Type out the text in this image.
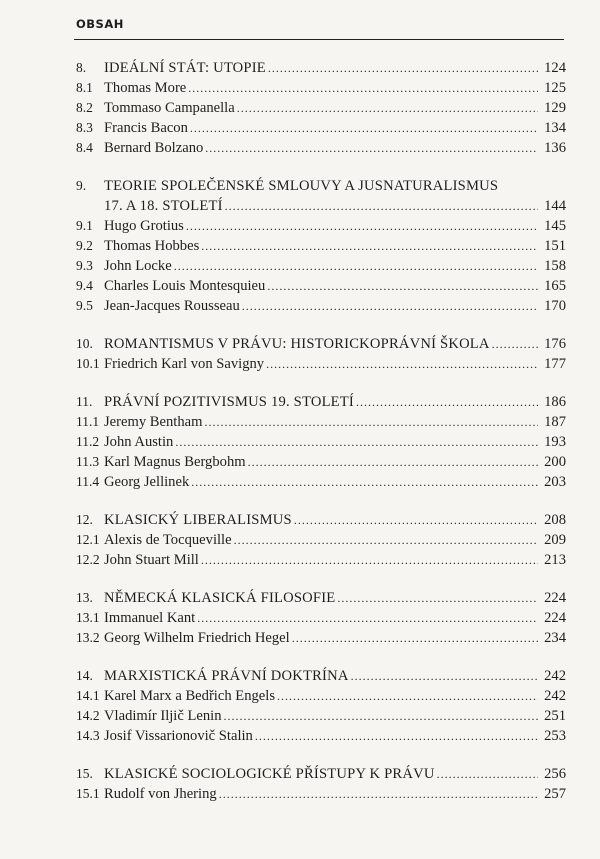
OBSAH
8.	IDEÁLNÍ STÁT: UTOPIE . . .	124
8.1 Thomas More . . .	125
8.2 Tommaso Campanella . . .	129
8.3 Francis Bacon . . .	134
8.4 Bernard Bolzano . . .	136
9.	TEORIE SPOLEČENSKÉ SMLOUVY A JUSNATURALISMUS
17. A 18. STOLETÍ . . .	144
9.1 Hugo Grotius . . .	145
9.2 Thomas Hobbes . . .	151
9.3 John Locke . . .	158
9.4 Charles Louis Montesquieu . . .	165
9.5 Jean-Jacques Rousseau . . .	170
10. ROMANTISMUS V PRÁVU: HISTORICKOPRÁVNÍ ŠKOLA . . .	176
10.1 Friedrich Karl von Savigny . . .	177
11. PRÁVNÍ POZITIVISMUS 19. STOLETÍ . . .	186
11.1 Jeremy Bentham . . .	187
11.2 John Austin . . .	193
11.3 Karl Magnus Bergbohm . . .	200
11.4 Georg Jellinek . . .	203
12. KLASICKÝ LIBERALISMUS . . .	208
12.1 Alexis de Tocqueville . . .	209
12.2 John Stuart Mill . . .	213
13. NĚMECKÁ KLASICKÁ FILOSOFIE . . .	224
13.1 Immanuel Kant . . .	224
13.2 Georg Wilhelm Friedrich Hegel . . .	234
14. MARXISTICKÁ PRÁVNÍ DOKTRÍNA . . .	242
14.1 Karel Marx a Bedřich Engels . . .	242
14.2 Vladimír Iljič Lenin . . .	251
14.3 Josif Vissarionovič Stalin . . .	253
15. KLASICKÉ SOCIOLOGICKÉ PŘÍSTUPY K PRÁVU . . .	256
15.1 Rudolf von Jhering . . .	257
